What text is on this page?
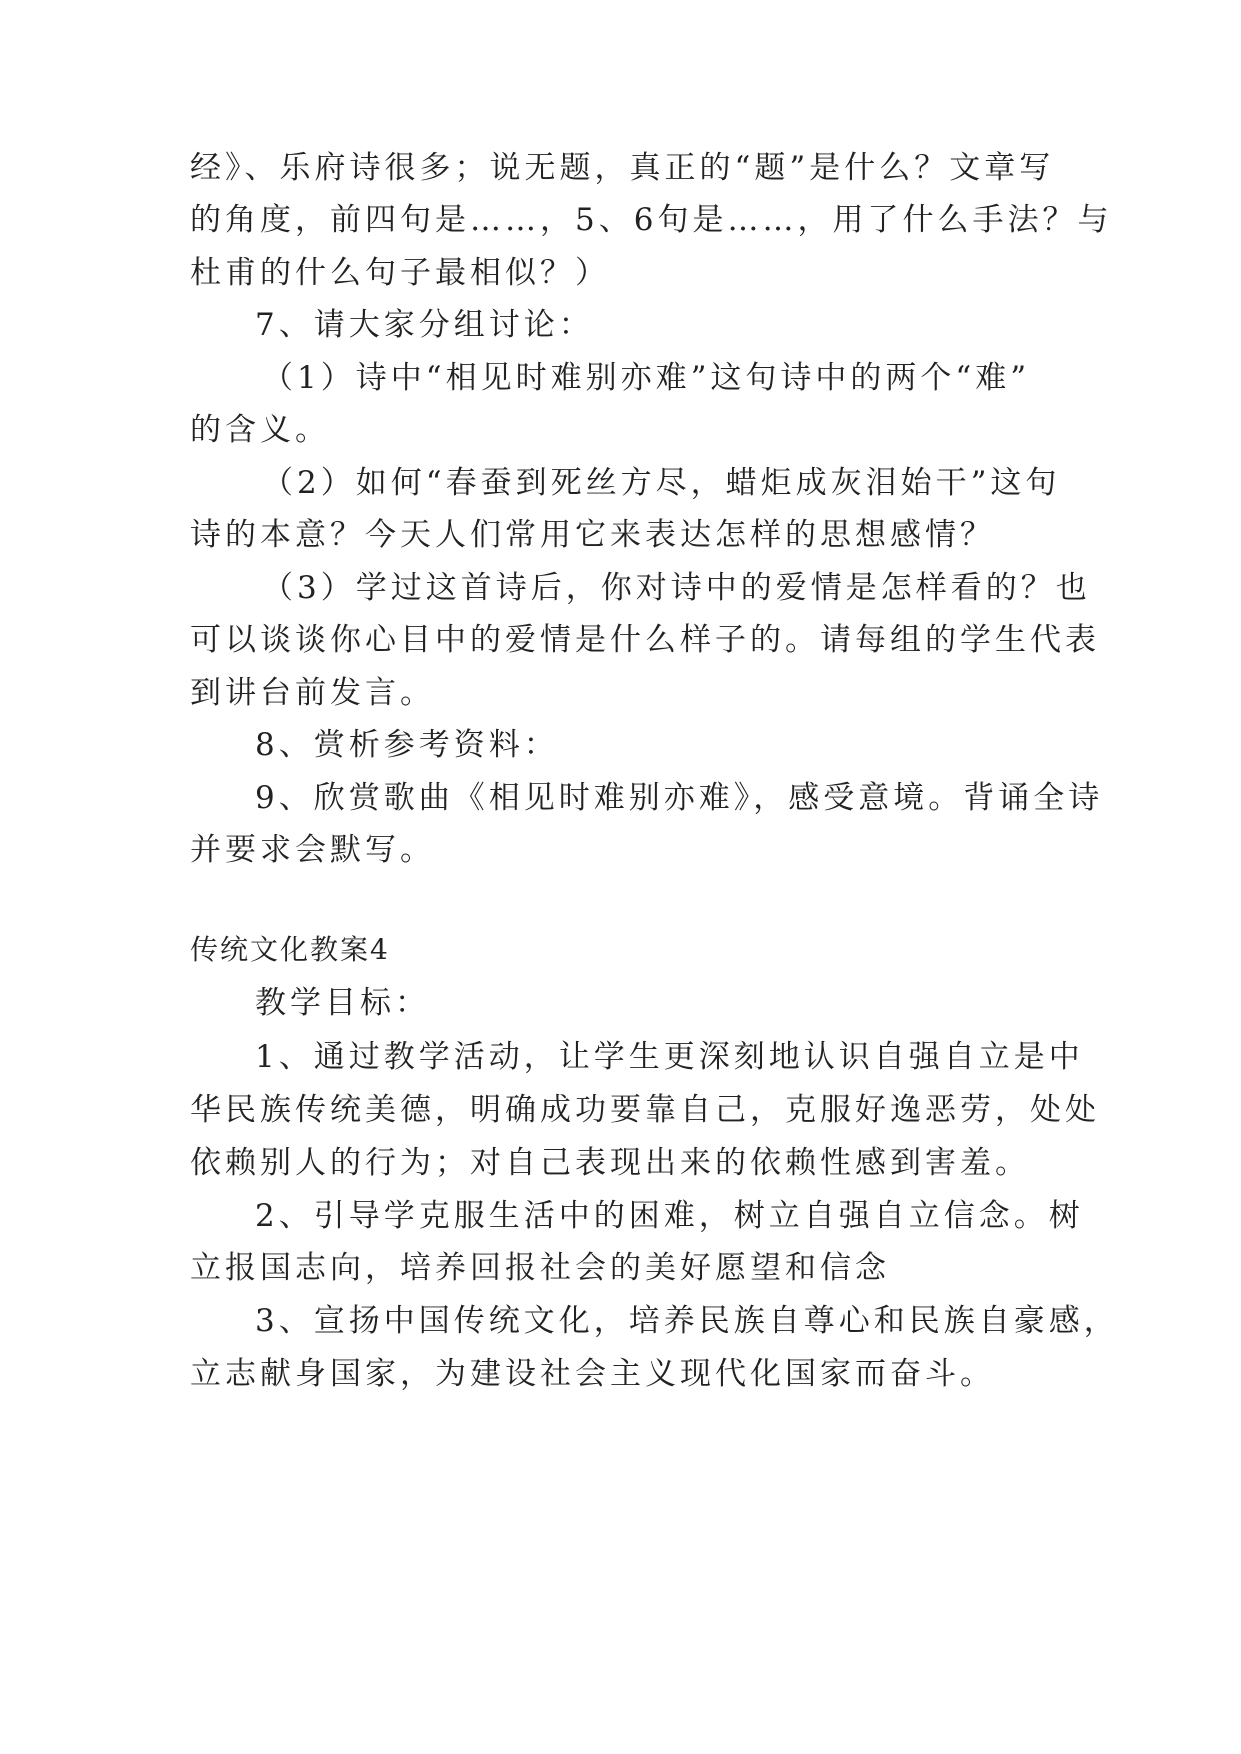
经》、乐府诗很多；说无题，真正的“题”是什么？文章写
的角度，前四句是……，5、6句是……，用了什么手法？与
杜甫的什么句子最相似？）
7、请大家分组讨论：
（1）诗中“相见时难别亦难”这句诗中的两个“难”
的含义。
（2）如何“春蚕到死丝方尽，蜡炬成灰泪始干”这句
诗的本意？今天人们常用它来表达怎样的思想感情？
（3）学过这首诗后，你对诗中的爱情是怎样看的？也
可以谈谈你心目中的爱情是什么样子的。请每组的学生代表
到讲台前发言。
8、赏析参考资料：
9、欣赏歌曲《相见时难别亦难》，感受意境。背诵全诗
并要求会默写。
传统文化教案4
教学目标：
1、通过教学活动，让学生更深刻地认识自强自立是中
华民族传统美德，明确成功要靠自己，克服好逸恶劳，处处
依赖别人的行为；对自己表现出来的依赖性感到害羞。
2、引导学克服生活中的困难，树立自强自立信念。树
立报国志向，培养回报社会的美好愿望和信念
3、宣扬中国传统文化，培养民族自尊心和民族自豪感，
立志献身国家，为建设社会主义现代化国家而奋斗。
